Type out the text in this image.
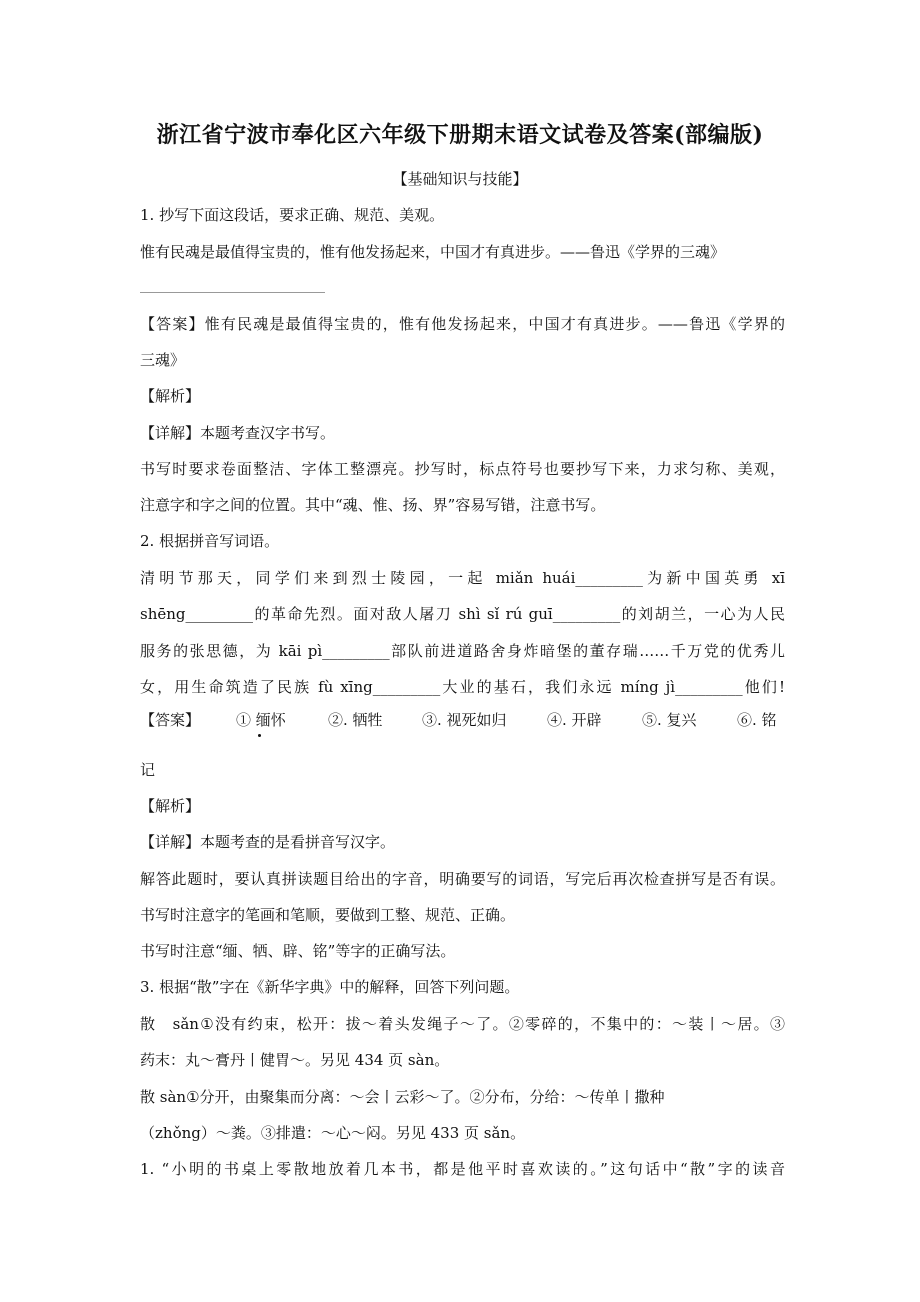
浙江省宁波市奉化区六年级下册期末语文试卷及答案(部编版)
【基础知识与技能】
1. 抄写下面这段话，要求正确、规范、美观。
惟有民魂是最值得宝贵的，惟有他发扬起来，中国才有真进步。——鲁迅《学界的三魂》
【答案】惟有民魂是最值得宝贵的，惟有他发扬起来，中国才有真进步。——鲁迅《学界的
三魂》
【解析】
【详解】本题考查汉字书写。
书写时要求卷面整洁、字体工整漂亮。抄写时，标点符号也要抄写下来，力求匀称、美观，
注意字和字之间的位置。其中“魂、惟、扬、界”容易写错，注意书写。
2. 根据拼音写词语。
清明节那天，同学们来到烈士陵园，一起 miǎn huái_________为新中国英勇 xī
shēng_________的革命先烈。面对敌人屠刀 shì sǐ rú guī_________的刘胡兰，一心为人民
服务的张思德，为 kāi pì_________部队前进道路舍身炸暗堡的董存瑞……千万党的优秀儿
女，用生命筑造了民族 fù xīng_________大业的基石，我们永远 míng jì_________他们!
【答案】 ① 缅怀	②. 牺牲	③. 视死如归	④. 开辟	⑤. 复兴	⑥. 铭
记
【解析】
【详解】本题考查的是看拼音写汉字。
解答此题时，要认真拼读题目给出的字音，明确要写的词语，写完后再次检查拼写是否有误。
书写时注意字的笔画和笔顺，要做到工整、规范、正确。
书写时注意“缅、牺、辟、铭”等字的正确写法。
3. 根据“散”字在《新华字典》中的解释，回答下列问题。
散　sǎn①没有约束，松开：拔～着头发绳子～了。②零碎的，不集中的：～装丨～居。③
药末：丸～膏丹丨健胃～。另见 434 页 sàn。
散 sàn①分开，由聚集而分离：～会丨云彩～了。②分布，分给：～传单丨撒种
（zhǒng）～粪。③排遣：～心～闷。另见 433 页 sǎn。
1. “小明的书桌上零散地放着几本书，都是他平时喜欢读的。”这句话中“散”字的读音
